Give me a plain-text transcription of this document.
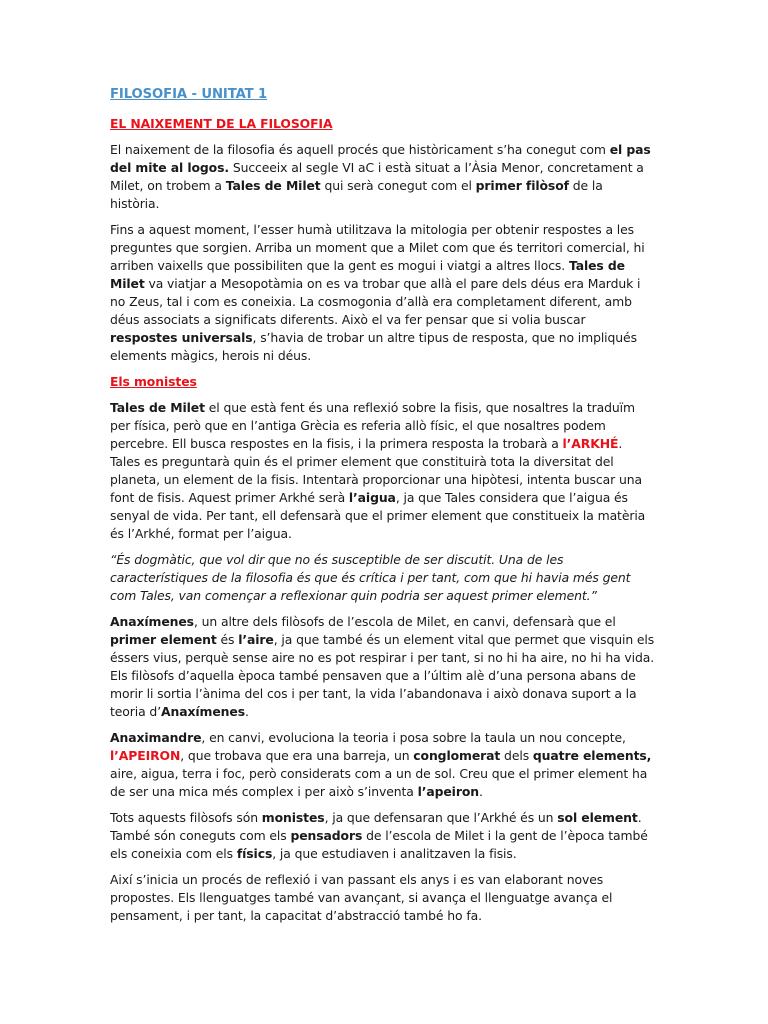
FILOSOFIA - UNITAT 1
EL NAIXEMENT DE LA FILOSOFIA

El naixement de la filosofia és aquell procés que històricament s’ha conegut com el pas del mite al logos. Succeeix al segle VI aC i està situat a l’Àsia Menor, concretament a Milet, on trobem a Tales de Milet qui serà conegut com el primer filòsof de la història.

Fins a aquest moment, l’esser humà utilitzava la mitologia per obtenir respostes a les preguntes que sorgien. Arriba un moment que a Milet com que és territori comercial, hi arriben vaixells que possibiliten que la gent es mogui i viatgi a altres llocs. Tales de Milet va viatjar a Mesopotàmia on es va trobar que allà el pare dels déus era Marduk i no Zeus, tal i com es coneixia. La cosmogonia d’allà era completament diferent, amb déus associats a significats diferents. Això el va fer pensar que si volia buscar respostes universals, s’havia de trobar un altre tipus de resposta, que no impliqués elements màgics, herois ni déus.

Els monistes

Tales de Milet el que està fent és una reflexió sobre la fisis, que nosaltres la traduïm per física, però que en l’antiga Grècia es referia allò físic, el que nosaltres podem percebre. Ell busca respostes en la fisis, i la primera resposta la trobarà a l’ARKHÉ. Tales es preguntarà quin és el primer element que constituirà tota la diversitat del planeta, un element de la fisis. Intentarà proporcionar una hipòtesi, intenta buscar una font de fisis. Aquest primer Arkhé serà l’aigua, ja que Tales considera que l’aigua és senyal de vida. Per tant, ell defensarà que el primer element que constitueix la matèria és l’Arkhé, format per l’aigua.

“És dogmàtic, que vol dir que no és susceptible de ser discutit. Una de les característiques de la filosofia és que és crítica i per tant, com que hi havia més gent com Tales, van començar a reflexionar quin podria ser aquest primer element.”

Anaxímenes, un altre dels filòsofs de l’escola de Milet, en canvi, defensarà que el primer element és l’aire, ja que també és un element vital que permet que visquin els éssers vius, perquè sense aire no es pot respirar i per tant, si no hi ha aire, no hi ha vida. Els filòsofs d’aquella època també pensaven que a l’últim alè d’una persona abans de morir li sortia l’ànima del cos i per tant, la vida l’abandonava i això donava suport a la teoria d’Anaxímenes.

Anaximandre, en canvi, evoluciona la teoria i posa sobre la taula un nou concepte, l’APEIRON, que trobava que era una barreja, un conglomerat dels quatre elements, aire, aigua, terra i foc, però considerats com a un de sol. Creu que el primer element ha de ser una mica més complex i per això s’inventa l’apeiron.

Tots aquests filòsofs són monistes, ja que defensaran que l’Arkhé és un sol element. També són coneguts com els pensadors de l’escola de Milet i la gent de l’època també els coneixia com els físics, ja que estudiaven i analitzaven la fisis.

Així s’inicia un procés de reflexió i van passant els anys i es van elaborant noves propostes. Els llenguatges també van avançant, si avança el llenguatge avança el pensament, i per tant, la capacitat d’abstracció també ho fa.
